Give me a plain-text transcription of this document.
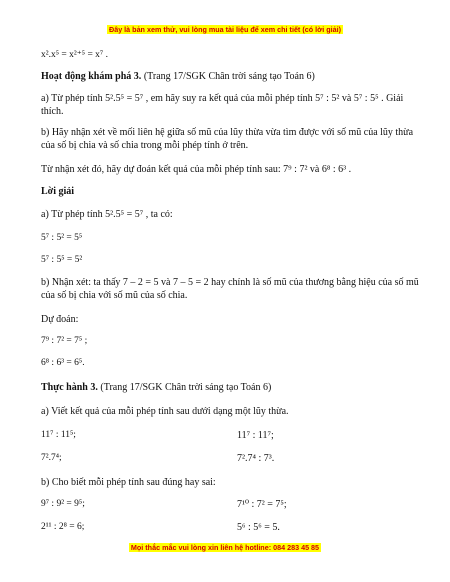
Đây là bản xem thử, vui lòng mua tài liệu để xem chi tiết (có lời giải)
x².x⁵ = x²⁺⁵ = x⁷ .
Hoạt động khám phá 3. (Trang 17/SGK Chân trời sáng tạo Toán 6)
a) Từ phép tính 5².5⁵ = 5⁷ , em hãy suy ra kết quả của mỗi phép tính 5⁷ : 5² và 5⁷ : 5⁵ . Giải thích.
b) Hãy nhận xét về mối liên hệ giữa số mũ của lũy thừa vừa tìm được với số mũ của lũy thừa của số bị chia và số chia trong mỗi phép tính ở trên.
Từ nhận xét đó, hãy dự đoán kết quả của mỗi phép tính sau: 7⁹ : 7² và 6⁸ : 6³ .
Lời giải
a) Từ phép tính 5².5⁵ = 5⁷ , ta có:
5⁷ : 5² = 5⁵
5⁷ : 5⁵ = 5²
b) Nhận xét: ta thấy 7 – 2 = 5 và 7 – 5 = 2 hay chính là số mũ của thương bằng hiệu của số mũ của số bị chia với số mũ của số chia.
Dự đoán:
7⁹ : 7² = 7⁵ ;
6⁸ : 6³ = 6⁵.
Thực hành 3. (Trang 17/SGK Chân trời sáng tạo Toán 6)
a) Viết kết quả của mỗi phép tính sau dưới dạng một lũy thừa.
11⁷ : 11⁵;	11⁷ : 11⁷;
7².7⁴;	7².7⁴ : 7³.
b) Cho biết mỗi phép tính sau đúng hay sai:
9⁷ : 9² = 9⁵;	7¹⁰ : 7² = 7⁵;
2¹¹ : 2⁸ = 6;	5⁶ : 5⁶ = 5.
Mọi thắc mắc vui lòng xin liên hệ hotline: 084 283 45 85
